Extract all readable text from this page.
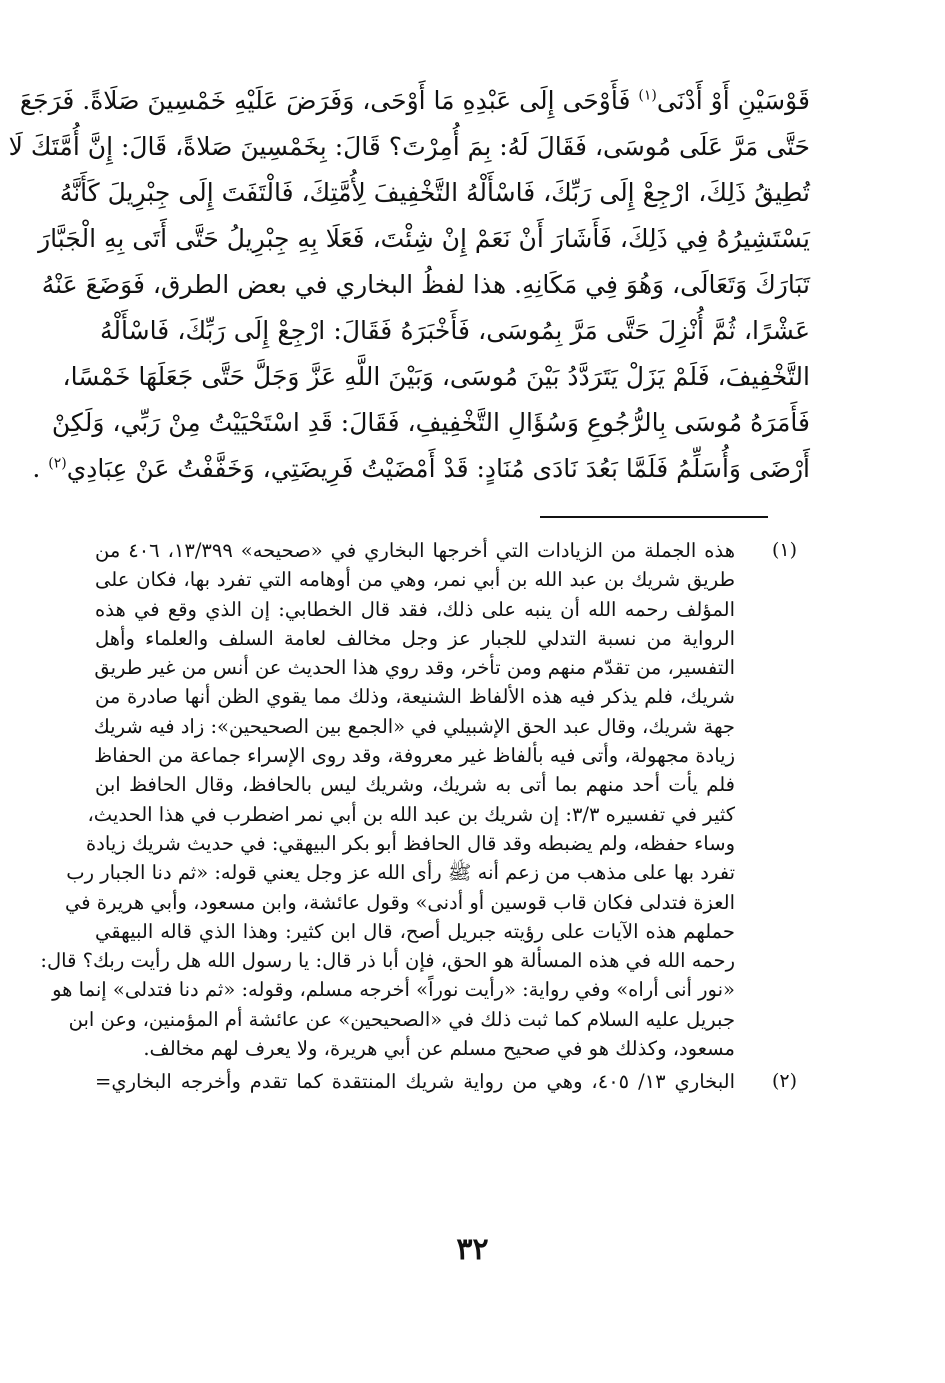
قَوْسَيْنِ أَوْ أَدْنَى$^{(١)}$ فَأَوْحَى إِلَى عَبْدِهِ مَا أَوْحَى، وَفَرَضَ عَلَيْهِ خَمْسِينَ صَلَاةً. فَرَجَعَ
حَتَّى مَرَّ عَلَى مُوسَى، فَقَالَ لَهُ: بِمَ أُمِرْتَ؟ قَالَ: بِخَمْسِينَ صَلاةً، قَالَ: إِنَّ أُمَّتَكَ لَا
تُطِيقُ ذَلِكَ، ارْجِعْ إِلَى رَبِّكَ، فَاسْأَلْهُ التَّخْفِيفَ لِأُمَّتِكَ، فَالْتَفَتَ إِلَى جِبْرِيلَ كَأَنَّهُ
يَسْتَشِيرُهُ فِي ذَلِكَ، فَأَشَارَ أَنْ نَعَمْ إِنْ شِئْتَ، فَعَلَا بِهِ جِبْرِيلُ حَتَّى أَتَى بِهِ الْجَبَّارَ
تَبَارَكَ وَتَعَالَى، وَهُوَ فِي مَكَانِهِ. هذا لفظُ البخاري في بعض الطرق، فَوَضَعَ عَنْهُ
عَشْرًا، ثُمَّ أُنْزِلَ حَتَّى مَرَّ بِمُوسَى، فَأَخْبَرَهُ فَقَالَ: ارْجِعْ إِلَى رَبِّكَ، فَاسْأَلْهُ
التَّخْفِيفَ، فَلَمْ يَزَلْ يَتَرَدَّدُ بَيْنَ مُوسَى، وَبَيْنَ اللَّهِ عَزَّ وَجَلَّ حَتَّى جَعَلَهَا خَمْسًا،
فَأَمَرَهُ مُوسَى بِالرُّجُوعِ وَسُؤَالِ التَّخْفِيفِ، فَقَالَ: قَدِ اسْتَحْيَيْتُ مِنْ رَبِّي، وَلَكِنْ
أَرْضَى وَأُسَلِّمُ فَلَمَّا بَعُدَ نَادَى مُنَادٍ: قَدْ أَمْضَيْتُ فَرِيضَتِي، وَخَفَّفْتُ عَنْ عِبَادِي$^{(٢)}$ .
(١)
هذه الجملة من الزيادات التي أخرجها البخاري في «صحيحه» ١٣/٣٩٩، ٤٠٦ من
طريق شريك بن عبد الله بن أبي نمر، وهي من أوهامه التي تفرد بها، فكان على
المؤلف رحمه الله أن ينبه على ذلك، فقد قال الخطابي: إن الذي وقع في هذه
الرواية من نسبة التدلي للجبار عز وجل مخالف لعامة السلف والعلماء وأهل
التفسير، من تقدّم منهم ومن تأخر، وقد روي هذا الحديث عن أنس من غير طريق
شريك، فلم يذكر فيه هذه الألفاظ الشنيعة، وذلك مما يقوي الظن أنها صادرة من
جهة شريك، وقال عبد الحق الإشبيلي في «الجمع بين الصحيحين»: زاد فيه شريك
زيادة مجهولة، وأتى فيه بألفاظ غير معروفة، وقد روى الإسراء جماعة من الحفاظ
فلم يأت أحد منهم بما أتى به شريك، وشريك ليس بالحافظ، وقال الحافظ ابن
كثير في تفسيره ٣/٣: إن شريك بن عبد الله بن أبي نمر اضطرب في هذا الحديث،
وساء حفظه، ولم يضبطه وقد قال الحافظ أبو بكر البيهقي: في حديث شريك زيادة
تفرد بها على مذهب من زعم أنه ﷺ رأى الله عز وجل يعني قوله: «ثم دنا الجبار رب
العزة فتدلى فكان قاب قوسين أو أدنى» وقول عائشة، وابن مسعود، وأبي هريرة في
حملهم هذه الآيات على رؤيته جبريل أصح، قال ابن كثير: وهذا الذي قاله البيهقي
رحمه الله في هذه المسألة هو الحق، فإن أبا ذر قال: يا رسول الله هل رأيت ربك؟ قال:
«نور أنى أراه» وفي رواية: «رأيت نوراً» أخرجه مسلم، وقوله: «ثم دنا فتدلى» إنما هو
جبريل عليه السلام كما ثبت ذلك في «الصحيحين» عن عائشة أم المؤمنين، وعن ابن
مسعود، وكذلك هو في صحيح مسلم عن أبي هريرة، ولا يعرف لهم مخالف.
(٢)
البخاري ١٣/ ٤٠٥، وهي من رواية شريك المنتقدة كما تقدم وأخرجه البخاري=
٣٢
